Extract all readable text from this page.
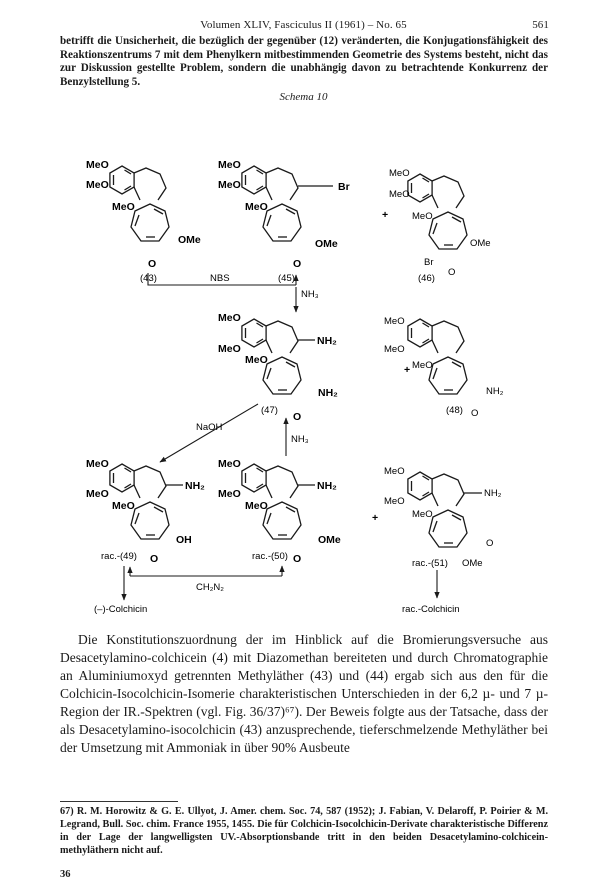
Volumen XLIV, Fasciculus II (1961) – No. 65	561
betrifft die Unsicherheit, die bezüglich der gegenüber (12) veränderten, die Konjugationsfähigkeit des Reaktionszentrums 7 mit dem Phenylkern mitbestimmenden Geometrie des Systems besteht, nicht das zur Diskussion gestellte Problem, sondern die unabhängig davon zu betrachtende Konkurrenz der Benzylstellung 5.
Schema 10
MeO
MeO
MeO
OMe
O
(43)
Br
MeO
MeO
MeO
OMe
O
(45)
+
MeO
MeO
MeO
OMe
Br
O
(46)
NBS
NH₃
NH₂
MeO
MeO
MeO
NH₂
O
(47)
+
MeO
MeO
MeO
NH₂
O
(48)
NaOH
NH₃
NH₂
MeO
MeO
MeO
OH
O
rac.-(49)
NH₂
MeO
MeO
MeO
OMe
O
rac.-(50)
+
NH₂
MeO
MeO
MeO
O
OMe
rac.-(51)
CH₂N₂
(–)-Colchicin	rac.-Colchicin

Die Konstitutionszuordnung der im Hinblick auf die Bromierungsversuche aus Desacetylamino-colchicein (4) mit Diazomethan bereiteten und durch Chromatographie an Aluminiumoxyd getrennten Methyläther (43) und (44) ergab sich aus den für die Colchicin-Isocolchicin-Isomerie charakteristischen Unterschieden in der 6,2 µ- und 7 µ-Region der IR.-Spektren (vgl. Fig. 36/37)⁶⁷). Der Beweis folgte aus der Tatsache, dass der als Desacetylamino-isocolchicin (43) anzusprechende, tieferschmelzende Methyläther bei der Umsetzung mit Ammoniak in über 90% Ausbeute

67) R. M. Horowitz & G. E. Ullyot, J. Amer. chem. Soc. 74, 587 (1952); J. Fabian, V. Delaroff, P. Poirier & M. Legrand, Bull. Soc. chim. France 1955, 1455. Die für Colchicin-Isocolchicin-Derivate charakteristische Differenz in der Lage der langwelligsten UV.-Absorptionsbande tritt in den beiden Desacetylamino-colchicein-methyläthern nicht auf.
36
